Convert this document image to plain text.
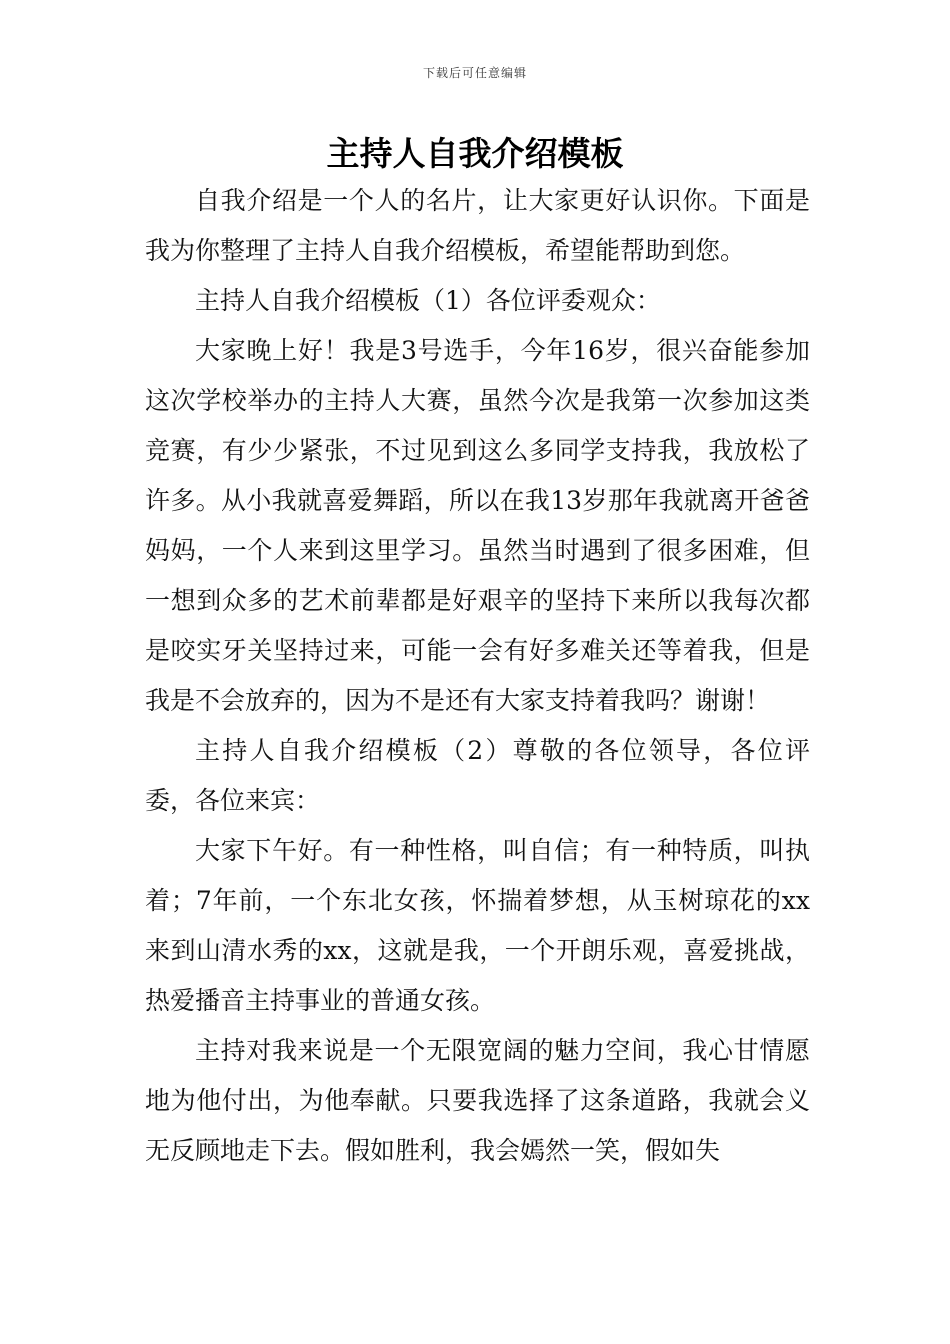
下载后可任意编辑
主持人自我介绍模板

自我介绍是一个人的名片，让大家更好认识你。下面是我为你整理了主持人自我介绍模板，希望能帮助到您。

主持人自我介绍模板（1）各位评委观众：

大家晚上好！我是3号选手，今年16岁，很兴奋能参加这次学校举办的主持人大赛，虽然今次是我第一次参加这类竞赛，有少少紧张，不过见到这么多同学支持我，我放松了许多。从小我就喜爱舞蹈，所以在我13岁那年我就离开爸爸妈妈，一个人来到这里学习。虽然当时遇到了很多困难，但一想到众多的艺术前辈都是好艰辛的坚持下来所以我每次都是咬实牙关坚持过来，可能一会有好多难关还等着我，但是我是不会放弃的，因为不是还有大家支持着我吗？谢谢！

主持人自我介绍模板（2）尊敬的各位领导，各位评委，各位来宾：

大家下午好。有一种性格，叫自信；有一种特质，叫执着；7年前，一个东北女孩，怀揣着梦想，从玉树琼花的xx来到山清水秀的xx，这就是我，一个开朗乐观，喜爱挑战，热爱播音主持事业的普通女孩。

主持对我来说是一个无限宽阔的魅力空间，我心甘情愿地为他付出，为他奉献。只要我选择了这条道路，我就会义无反顾地走下去。假如胜利，我会嫣然一笑，假如失
